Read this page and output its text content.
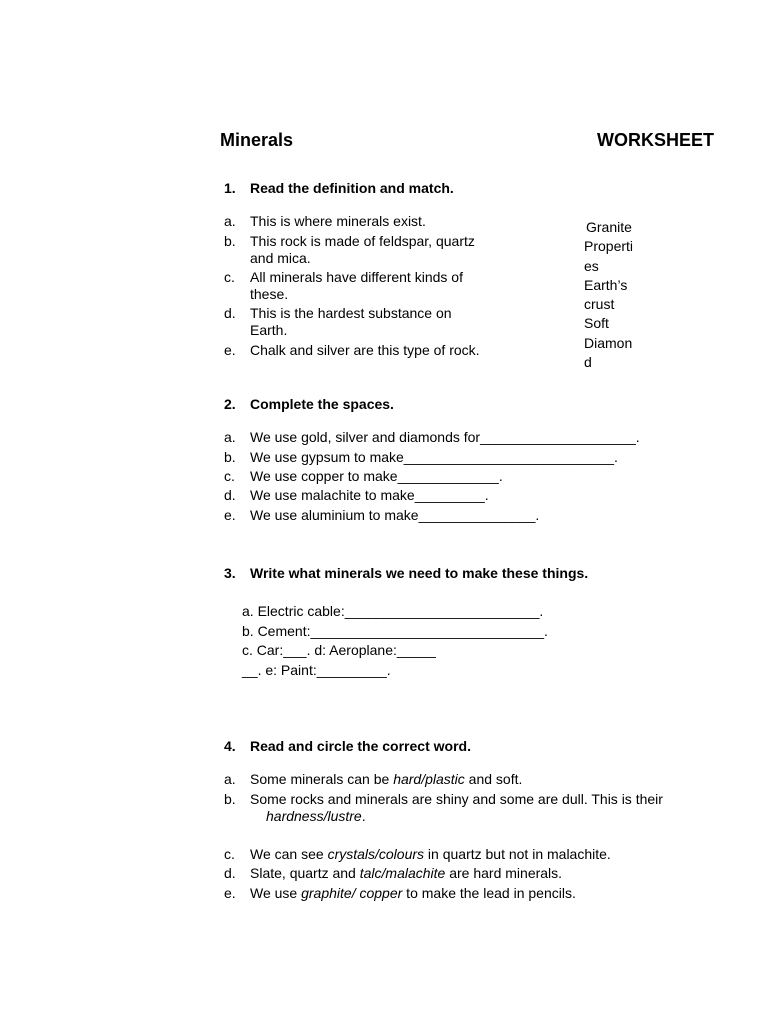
Minerals	WORKSHEET
1. Read the definition and match.
a. This is where minerals exist.
b. This rock is made of feldspar, quartz
and mica.
c. All minerals have different kinds of
these.
d. This is the hardest substance on
Earth.
e. Chalk and silver are this type of rock.
Granite
Properti
es
Earth’s
crust
Soft
Diamon
d
2. Complete the spaces.
a. We use gold, silver and diamonds for____________________.
b. We use gypsum to make___________________________.
c. We use copper to make_____________.
d. We use malachite to make_________.
e. We use aluminium to make_______________.
3. Write what minerals we need to make these things.
a. Electric cable:_________________________.
b. Cement:______________________________.
c. Car:___. d: Aeroplane:_____
__. e: Paint:_________.
4. Read and circle the correct word.
a. Some minerals can be hard/plastic and soft.
b. Some rocks and minerals are shiny and some are dull. This is their
hardness/lustre.
c. We can see crystals/colours in quartz but not in malachite.
d. Slate, quartz and talc/malachite are hard minerals.
e. We use graphite/ copper to make the lead in pencils.
